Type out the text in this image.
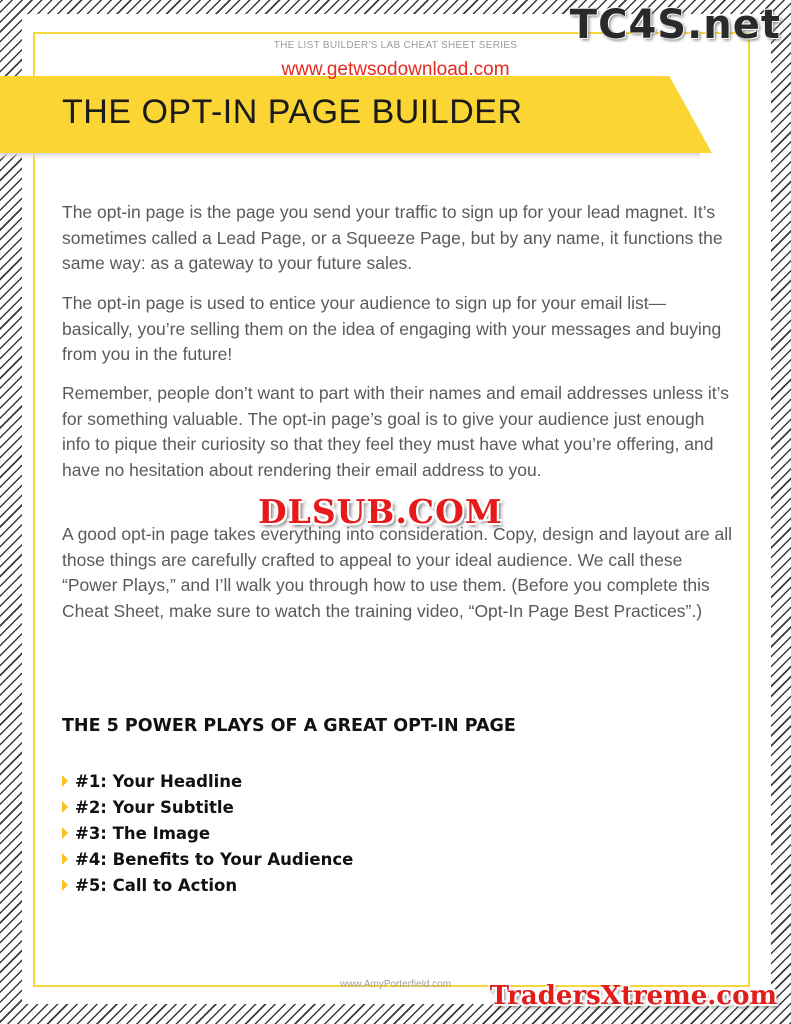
THE LIST BUILDER'S LAB CHEAT SHEET SERIES
THE OPT-IN PAGE BUILDER
www.getwsodownload.com
TC4S.net

The opt-in page is the page you send your traffic to sign up for your lead magnet. It’s sometimes called a Lead Page, or a Squeeze Page, but by any name, it functions the same way: as a gateway to your future sales.

The opt-in page is used to entice your audience to sign up for your email list—basically, you’re selling them on the idea of engaging with your messages and buying from you in the future!

Remember, people don’t want to part with their names and email addresses unless it’s for something valuable. The opt-in page’s goal is to give your audience just enough info to pique their curiosity so that they feel they must have what you’re offering, and have no hesitation about rendering their email address to you.

A good opt-in page takes everything into consideration. Copy, design and layout are all those things are carefully crafted to appeal to your ideal audience. We call these “Power Plays,” and I’ll walk you through how to use them. (Before you complete this Cheat Sheet, make sure to watch the training video, “Opt-In Page Best Practices”.)

DLSUB.COM
THE 5 POWER PLAYS OF A GREAT OPT-IN PAGE
#1: Your Headline
#2: Your Subtitle
#3: The Image
#4: Benefits to Your Audience
#5: Call to Action
www.AmyPorterfield.com	TradersXtreme.com
